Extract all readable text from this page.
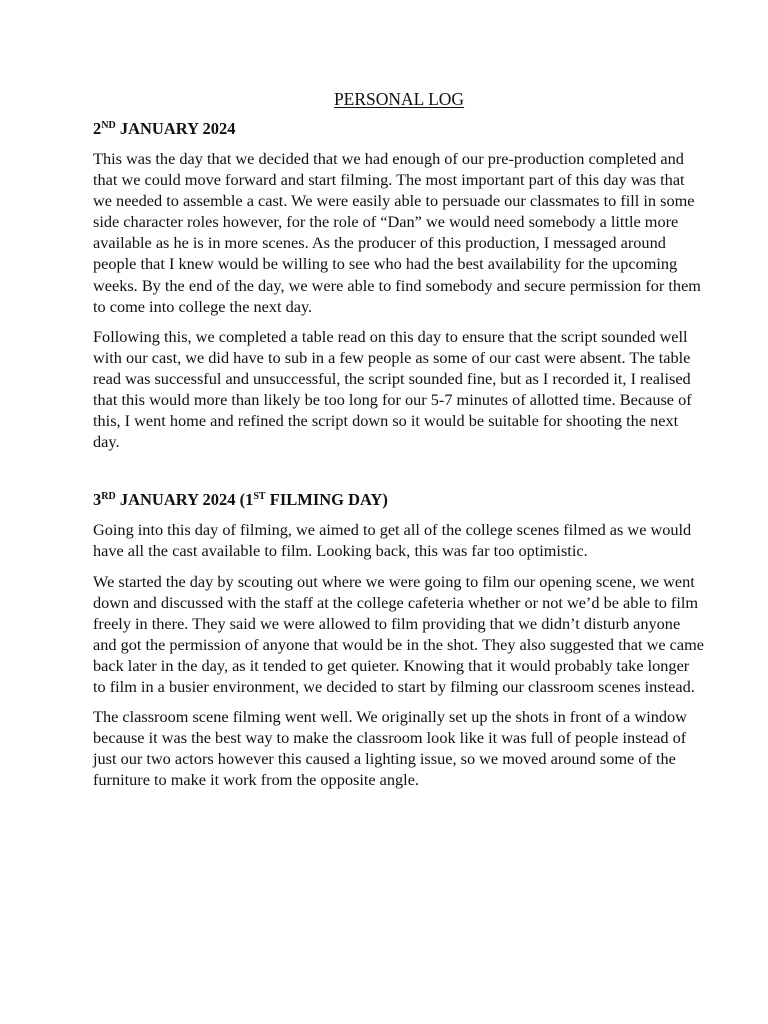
PERSONAL LOG
2ND JANUARY 2024

This was the day that we decided that we had enough of our pre-production completed and that we could move forward and start filming. The most important part of this day was that we needed to assemble a cast. We were easily able to persuade our classmates to fill in some side character roles however, for the role of “Dan” we would need somebody a little more available as he is in more scenes. As the producer of this production, I messaged around people that I knew would be willing to see who had the best availability for the upcoming weeks. By the end of the day, we were able to find somebody and secure permission for them to come into college the next day.

Following this, we completed a table read on this day to ensure that the script sounded well with our cast, we did have to sub in a few people as some of our cast were absent. The table read was successful and unsuccessful, the script sounded fine, but as I recorded it, I realised that this would more than likely be too long for our 5-7 minutes of allotted time. Because of this, I went home and refined the script down so it would be suitable for shooting the next day.

3RD JANUARY 2024 (1ST FILMING DAY)

Going into this day of filming, we aimed to get all of the college scenes filmed as we would have all the cast available to film. Looking back, this was far too optimistic.

We started the day by scouting out where we were going to film our opening scene, we went down and discussed with the staff at the college cafeteria whether or not we’d be able to film freely in there. They said we were allowed to film providing that we didn’t disturb anyone and got the permission of anyone that would be in the shot. They also suggested that we came back later in the day, as it tended to get quieter. Knowing that it would probably take longer to film in a busier environment, we decided to start by filming our classroom scenes instead.

The classroom scene filming went well. We originally set up the shots in front of a window because it was the best way to make the classroom look like it was full of people instead of just our two actors however this caused a lighting issue, so we moved around some of the furniture to make it work from the opposite angle.
